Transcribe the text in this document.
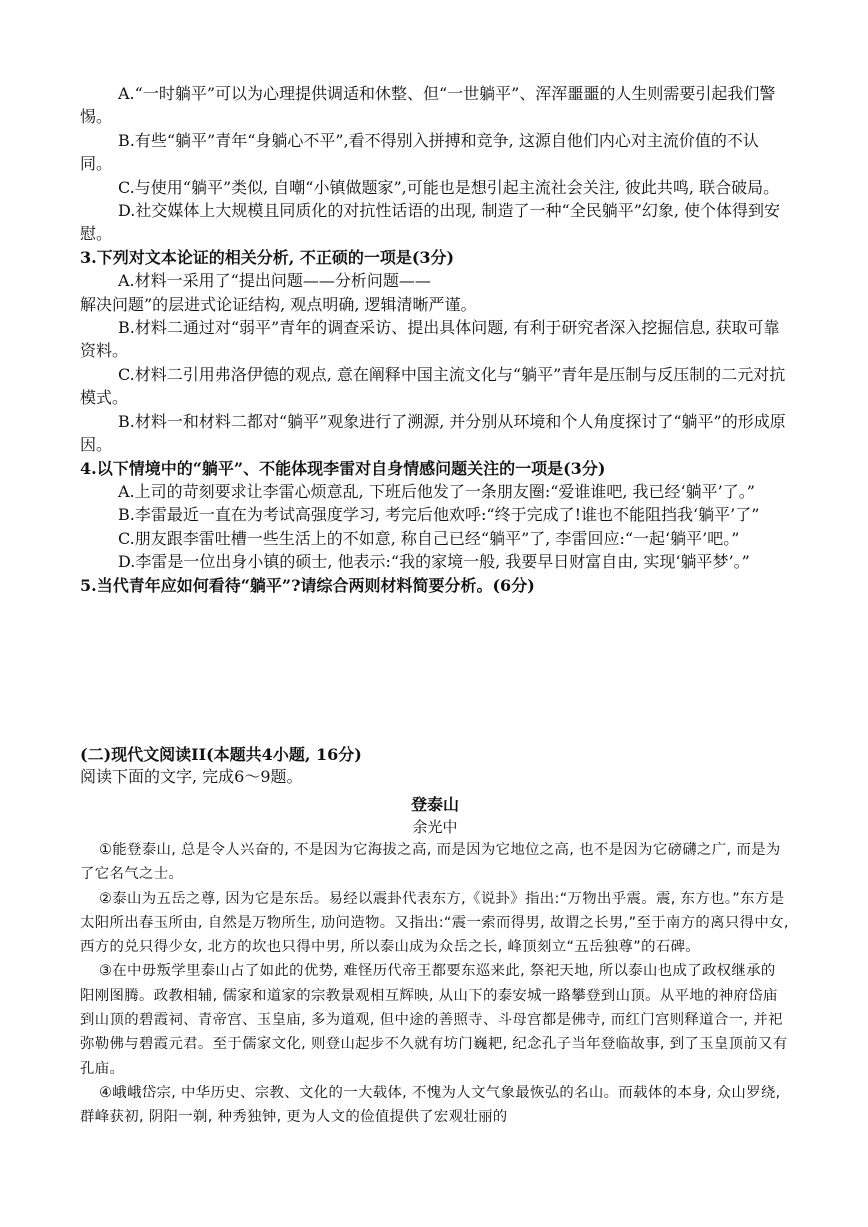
A.“一时躺平”可以为心理提供调适和休整、但“一世躺平”、浑浑噩噩的人生则需要引起我们警惕。

B.有些“躺平”青年“身躺心不平”,看不得别入拼搏和竞争, 这源自他们内心对主流价值的不认同。

C.与使用“躺平”类似, 自嘲“小镇做题家”,可能也是想引起主流社会关注, 彼此共鸣, 联合破局。

D.社交媒体上大规模且同质化的对抗性话语的出现, 制造了一种“全民躺平”幻象, 使个体得到安慰。

3.下列对文本论证的相关分析, 不正硕的一项是(3分)

A.材料一采用了“提出问题——分析问题——

解决问题”的层进式论证结构, 观点明确, 逻辑清晰严谨。

B.材料二通过对“弱平”青年的调查采访、提出具体问题, 有利于研究者深入挖掘信息, 获取可靠资料。

C.材料二引用弗洛伊德的观点, 意在阐释中国主流文化与“躺平”青年是压制与反压制的二元对抗模式。

B.材料一和材料二都对“躺平”观象进行了溯源, 并分别从环境和个人角度探讨了“躺平”的形成原因。

4.以下情境中的“躺平”、不能体现李雷对自身情感问题关注的一项是(3分)

A.上司的苛刻要求让李雷心烦意乱, 下班后他发了一条朋友圈:“爱谁谁吧, 我已经‘躺平’了。”

B.李雷最近一直在为考试高强度学习, 考完后他欢呼:“终于完成了!谁也不能阻挡我‘躺平’了”

C.朋友跟李雷吐槽一些生活上的不如意, 称自己已经“躺平”了, 李雷回应:“一起‘躺平’吧。”

D.李雷是一位出身小镇的硕士, 他表示:“我的家境一般, 我要早日财富自由, 实现‘躺平梦’。”

5.当代青年应如何看待“躺平”?请综合两则材料简要分析。(6分)

(二)现代文阅读II(本题共4小题, 16分)

阅读下面的文字, 完成6～9题。

登泰山

余光中

①能登泰山, 总是令人兴奋的, 不是因为它海拔之高, 而是因为它地位之高, 也不是因为它磅礴之广, 而是为了它名气之士。

②泰山为五岳之尊, 因为它是东岳。易经以震卦代表东方,《说卦》指出:“万物出乎震。震, 东方也。”东方是太阳所出春玉所由, 自然是万物所生, 劢问造物。又指出:“震一索而得男, 故谓之长男,”至于南方的离只得中女, 西方的兑只得少女, 北方的坎也只得中男, 所以泰山成为众岳之长, 峰顶刻立“五岳独尊”的石碑。

③在中毋叛学里泰山占了如此的优势, 难怪历代帝王都要东巡来此, 祭祀天地, 所以泰山也成了政权继承的阳刚图腾。政教相辅, 儒家和道家的宗教景观相互辉映, 从山下的泰安城一路攀登到山顶。从平地的神府岱庙到山顶的碧霞祠、青帝宫、玉皇庙, 多为道观, 但中途的善照寺、斗母宫都是佛寺, 而红门宫则释道合一, 并祀弥勒佛与碧霞元君。至于儒家文化, 则登山起步不久就有坊门巍耙, 纪念孔子当年登临故事, 到了玉皇顶前又有孔庙。

④峨峨岱宗, 中华历史、宗教、文化的一大载体, 不愧为人文气象最恢弘的名山。而载体的本身, 众山罗绕, 群峰获初, 阴阳一剃, 种秀独钟, 更为人文的俭值提供了宏观壮丽的
